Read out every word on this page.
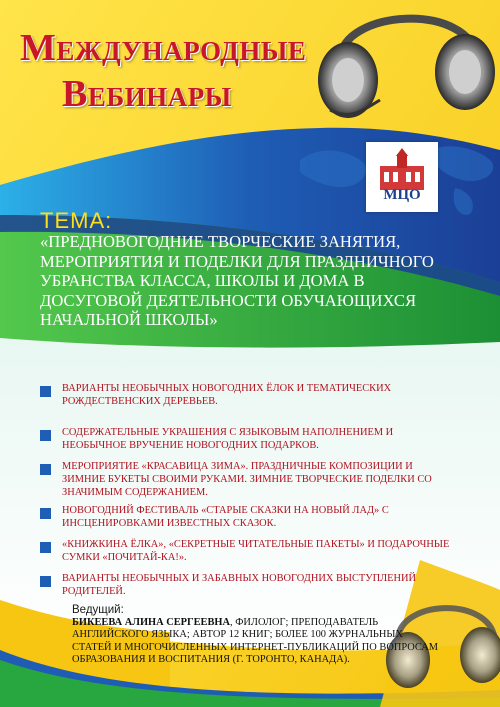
Международные
Вебинары
МЦО
ТЕМА:
«ПРЕДНОВОГОДНИЕ ТВОРЧЕСКИЕ ЗАНЯТИЯ, МЕРОПРИЯТИЯ И ПОДЕЛКИ ДЛЯ ПРАЗДНИЧНОГО УБРАНСТВА КЛАССА, ШКОЛЫ И ДОМА В ДОСУГОВОЙ ДЕЯТЕЛЬНОСТИ ОБУЧАЮЩИХСЯ НАЧАЛЬНОЙ ШКОЛЫ»
ВАРИАНТЫ НЕОБЫЧНЫХ НОВОГОДНИХ ЁЛОК И ТЕМАТИЧЕСКИХ РОЖДЕСТВЕНСКИХ ДЕРЕВЬЕВ.
СОДЕРЖАТЕЛЬНЫЕ УКРАШЕНИЯ С ЯЗЫКОВЫМ НАПОЛНЕНИЕМ И НЕОБЫЧНОЕ ВРУЧЕНИЕ НОВОГОДНИХ ПОДАРКОВ.
МЕРОПРИЯТИЕ «КРАСАВИЦА ЗИМА». ПРАЗДНИЧНЫЕ КОМПОЗИЦИИ И ЗИМНИЕ БУКЕТЫ СВОИМИ РУКАМИ. ЗИМНИЕ ТВОРЧЕСКИЕ ПОДЕЛКИ СО ЗНАЧИМЫМ СОДЕРЖАНИЕМ.
НОВОГОДНИЙ ФЕСТИВАЛЬ «СТАРЫЕ СКАЗКИ НА НОВЫЙ ЛАД» С ИНСЦЕНИРОВКАМИ ИЗВЕСТНЫХ СКАЗОК.
«КНИЖКИНА ЁЛКА», «СЕКРЕТНЫЕ ЧИТАТЕЛЬНЫЕ ПАКЕТЫ» И ПОДАРОЧНЫЕ СУМКИ «ПОЧИТАЙ-КА!».
ВАРИАНТЫ НЕОБЫЧНЫХ И ЗАБАВНЫХ НОВОГОДНИХ ВЫСТУПЛЕНИЙ РОДИТЕЛЕЙ.
Ведущий:
БИКЕЕВА АЛИНА СЕРГЕЕВНА, ФИЛОЛОГ; ПРЕПОДАВАТЕЛЬ АНГЛИЙСКОГО ЯЗЫКА; АВТОР 12 КНИГ; БОЛЕЕ 100 ЖУРНАЛЬНЫХ СТАТЕЙ И МНОГОЧИСЛЕННЫХ ИНТЕРНЕТ-ПУБЛИКАЦИЙ ПО ВОПРОСАМ ОБРАЗОВАНИЯ И ВОСПИТАНИЯ (Г. ТОРОНТО, КАНАДА).
